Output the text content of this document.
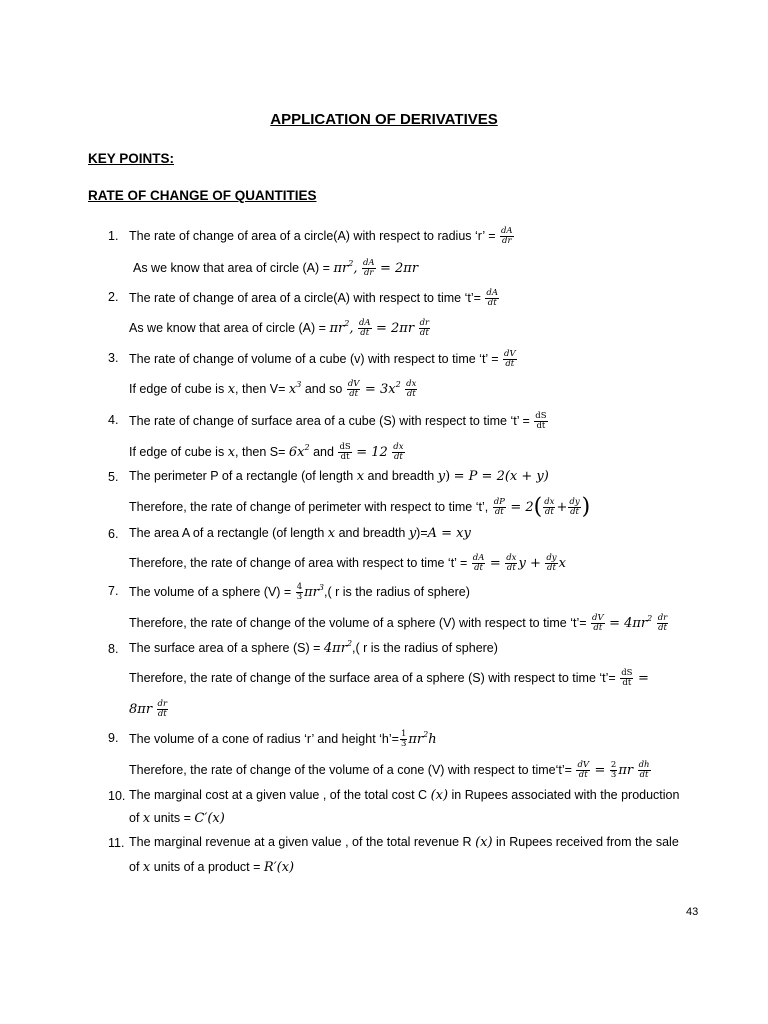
APPLICATION OF DERIVATIVES
KEY POINTS:
RATE OF CHANGE OF QUANTITIES
1. The rate of change of area of a circle(A) with respect to radius ‘r’ = $\frac{dA}{dr}$
As we know that area of circle $(A) = \pi r^2$, $\frac{dA}{dr} = 2\pi r$
2. The rate of change of area of a circle(A) with respect to time ‘t’= $\frac{dA}{dt}$
As we know that area of circle $(A) = \pi r^2$, $\frac{dA}{dt} = 2\pi r \frac{dr}{dt}$
3. The rate of change of volume of a cube (v) with respect to time ‘t’ = $\frac{dV}{dt}$
If edge of cube is x, then $V= x^3$ and so $\frac{dV}{dt} = 3x^2 \frac{dx}{dt}$
4. The rate of change of surface area of a cube (S) with respect to time ‘t’ = $\frac{dS}{dt}$
If edge of cube is x, then $S= 6x^2$ and $\frac{dS}{dt} = 12 \frac{dx}{dt}$
5. The perimeter P of a rectangle (of length x and breadth y) = P = 2(x + y)
Therefore, the rate of change of perimeter with respect to time ‘t’, $\frac{dP}{dt} = 2( \frac{dx}{dt} + \frac{dy}{dt}$ )
6. The area A of a rectangle (of length x and breadth y)=A = xy
Therefore, the rate of change of area with respect to time ‘t’ = $\frac{dA}{dt} = \frac{dx}{dt}$ $y + \frac{dy}{dt}$ x
7. The volume of a sphere $(V) = \frac{4}{3} \pi r^3$,( r is the radius of sphere)
Therefore, the rate of change of the volume of a sphere (V) with respect to time ‘t’= $\frac{dV}{dt} = 4\pi r^2 \frac{dr}{dt}$
8. The surface area of a sphere $(S) = 4\pi r^2$,( r is the radius of sphere)
Therefore, the rate of change of the surface area of a sphere (S) with respect to time ‘t’= $\frac{dS}{dt}$ =
$8\pi r \frac{dr}{dt}$
9. The volume of a cone of radius ‘r’ and height ‘h’= $\frac{1}{3} \pi r^2h$
Therefore, the rate of change of the volume of a cone (V) with respect to time‘t’= $\frac{dV}{dt} = \frac{2}{3}$ πr $\frac{dh}{dt}$
10. The marginal cost at a given value , of the total cost C (x) in Rupees associated with the production
of x units = C′(x)
11. The marginal revenue at a given value , of the total revenue R (x) in Rupees received from the sale
of x units of a product = R′(x)
43
